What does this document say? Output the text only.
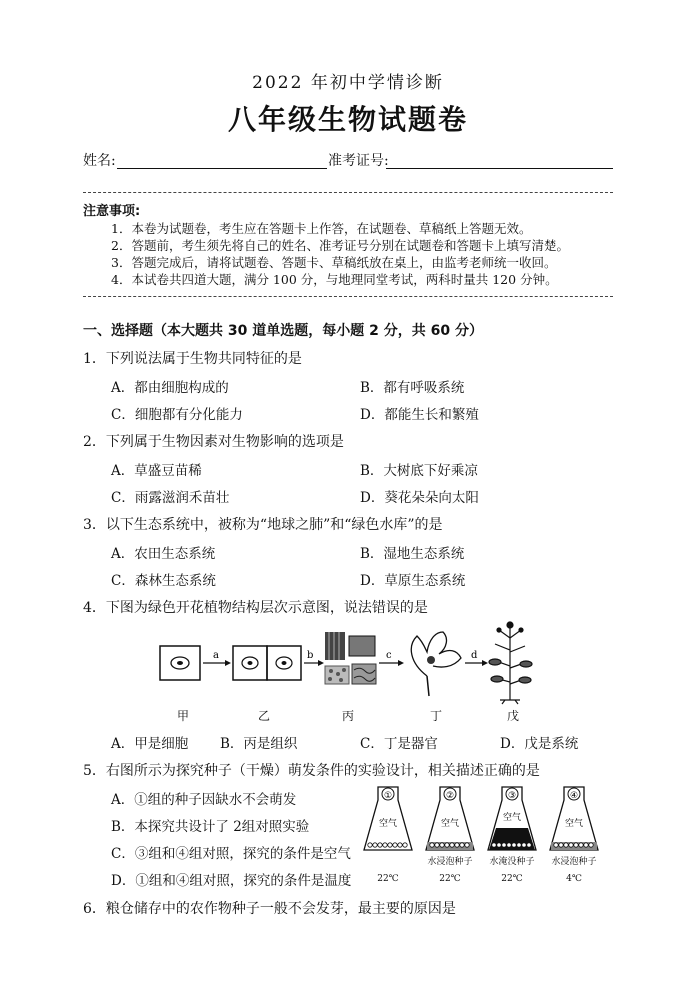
2022 年初中学情诊断
八年级生物试题卷
姓名:	准考证号:
注意事项:
1．本卷为试题卷，考生应在答题卡上作答，在试题卷、草稿纸上答题无效。
2．答题前，考生须先将自己的姓名、准考证号分别在试题卷和答题卡上填写清楚。
3．答题完成后，请将试题卷、答题卡、草稿纸放在桌上，由监考老师统一收回。
4．本试卷共四道大题，满分 100 分，与地理同堂考试，两科时量共 120 分钟。
一、选择题（本大题共 30 道单选题，每小题 2 分，共 60 分）
1．下列说法属于生物共同特征的是
A．都由细胞构成的	B．都有呼吸系统
C．细胞都有分化能力	D．都能生长和繁殖
2．下列属于生物因素对生物影响的选项是
A．草盛豆苗稀	B．大树底下好乘凉
C．雨露滋润禾苗壮	D．葵花朵朵向太阳
3．以下生态系统中，被称为“地球之肺”和“绿色水库”的是
A．农田生态系统	B．湿地生态系统
C．森林生态系统	D．草原生态系统
4．下图为绿色开花植物结构层次示意图，说法错误的是
a	b	c	d
甲	乙	丙	丁	戊
A．甲是细胞 B．丙是组织	C．丁是器官	D．戊是系统
5．右图所示为探究种子（干燥）萌发条件的实验设计，相关描述正确的是
A．①组的种子因缺水不会萌发
B．本探究共设计了 2组对照实验
C．③组和④组对照，探究的条件是空气
D．①组和④组对照，探究的条件是温度
①
空气
②
空气
③
空气
④
空气
水浸泡种子	水淹没种子	水浸泡种子
22℃	22℃	22℃	4℃
6．粮仓储存中的农作物种子一般不会发芽，最主要的原因是
